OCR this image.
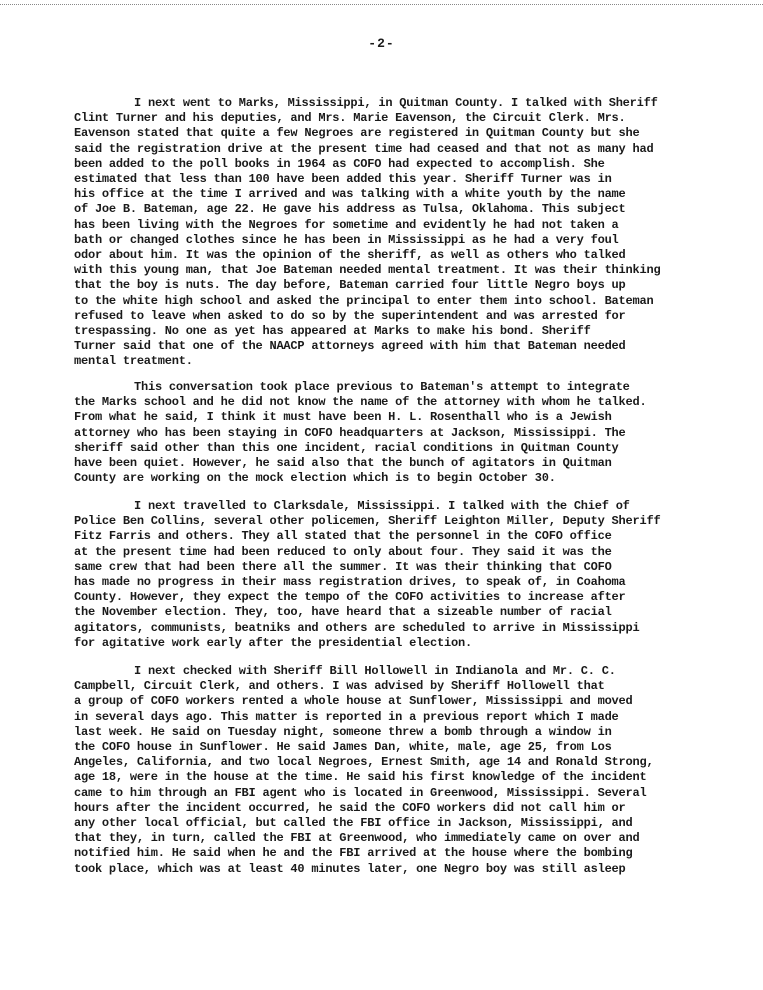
-2-
I next went to Marks, Mississippi, in Quitman County. I talked with Sheriff
Clint Turner and his deputies, and Mrs. Marie Eavenson, the Circuit Clerk. Mrs.
Eavenson stated that quite a few Negroes are registered in Quitman County but she
said the registration drive at the present time had ceased and that not as many had
been added to the poll books in 1964 as COFO had expected to accomplish. She
estimated that less than 100 have been added this year. Sheriff Turner was in
his office at the time I arrived and was talking with a white youth by the name
of Joe B. Bateman, age 22. He gave his address as Tulsa, Oklahoma. This subject
has been living with the Negroes for sometime and evidently he had not taken a
bath or changed clothes since he has been in Mississippi as he had a very foul
odor about him. It was the opinion of the sheriff, as well as others who talked
with this young man, that Joe Bateman needed mental treatment. It was their thinking
that the boy is nuts. The day before, Bateman carried four little Negro boys up
to the white high school and asked the principal to enter them into school. Bateman
refused to leave when asked to do so by the superintendent and was arrested for
trespassing. No one as yet has appeared at Marks to make his bond. Sheriff
Turner said that one of the NAACP attorneys agreed with him that Bateman needed
mental treatment.
This conversation took place previous to Bateman's attempt to integrate
the Marks school and he did not know the name of the attorney with whom he talked.
From what he said, I think it must have been H. L. Rosenthall who is a Jewish
attorney who has been staying in COFO headquarters at Jackson, Mississippi. The
sheriff said other than this one incident, racial conditions in Quitman County
have been quiet. However, he said also that the bunch of agitators in Quitman
County are working on the mock election which is to begin October 30.
I next travelled to Clarksdale, Mississippi. I talked with the Chief of
Police Ben Collins, several other policemen, Sheriff Leighton Miller, Deputy Sheriff
Fitz Farris and others. They all stated that the personnel in the COFO office
at the present time had been reduced to only about four. They said it was the
same crew that had been there all the summer. It was their thinking that COFO
has made no progress in their mass registration drives, to speak of, in Coahoma
County. However, they expect the tempo of the COFO activities to increase after
the November election. They, too, have heard that a sizeable number of racial
agitators, communists, beatniks and others are scheduled to arrive in Mississippi
for agitative work early after the presidential election.
I next checked with Sheriff Bill Hollowell in Indianola and Mr. C. C.
Campbell, Circuit Clerk, and others. I was advised by Sheriff Hollowell that
a group of COFO workers rented a whole house at Sunflower, Mississippi and moved
in several days ago. This matter is reported in a previous report which I made
last week. He said on Tuesday night, someone threw a bomb through a window in
the COFO house in Sunflower. He said James Dan, white, male, age 25, from Los
Angeles, California, and two local Negroes, Ernest Smith, age 14 and Ronald Strong,
age 18, were in the house at the time. He said his first knowledge of the incident
came to him through an FBI agent who is located in Greenwood, Mississippi. Several
hours after the incident occurred, he said the COFO workers did not call him or
any other local official, but called the FBI office in Jackson, Mississippi, and
that they, in turn, called the FBI at Greenwood, who immediately came on over and
notified him. He said when he and the FBI arrived at the house where the bombing
took place, which was at least 40 minutes later, one Negro boy was still asleep
